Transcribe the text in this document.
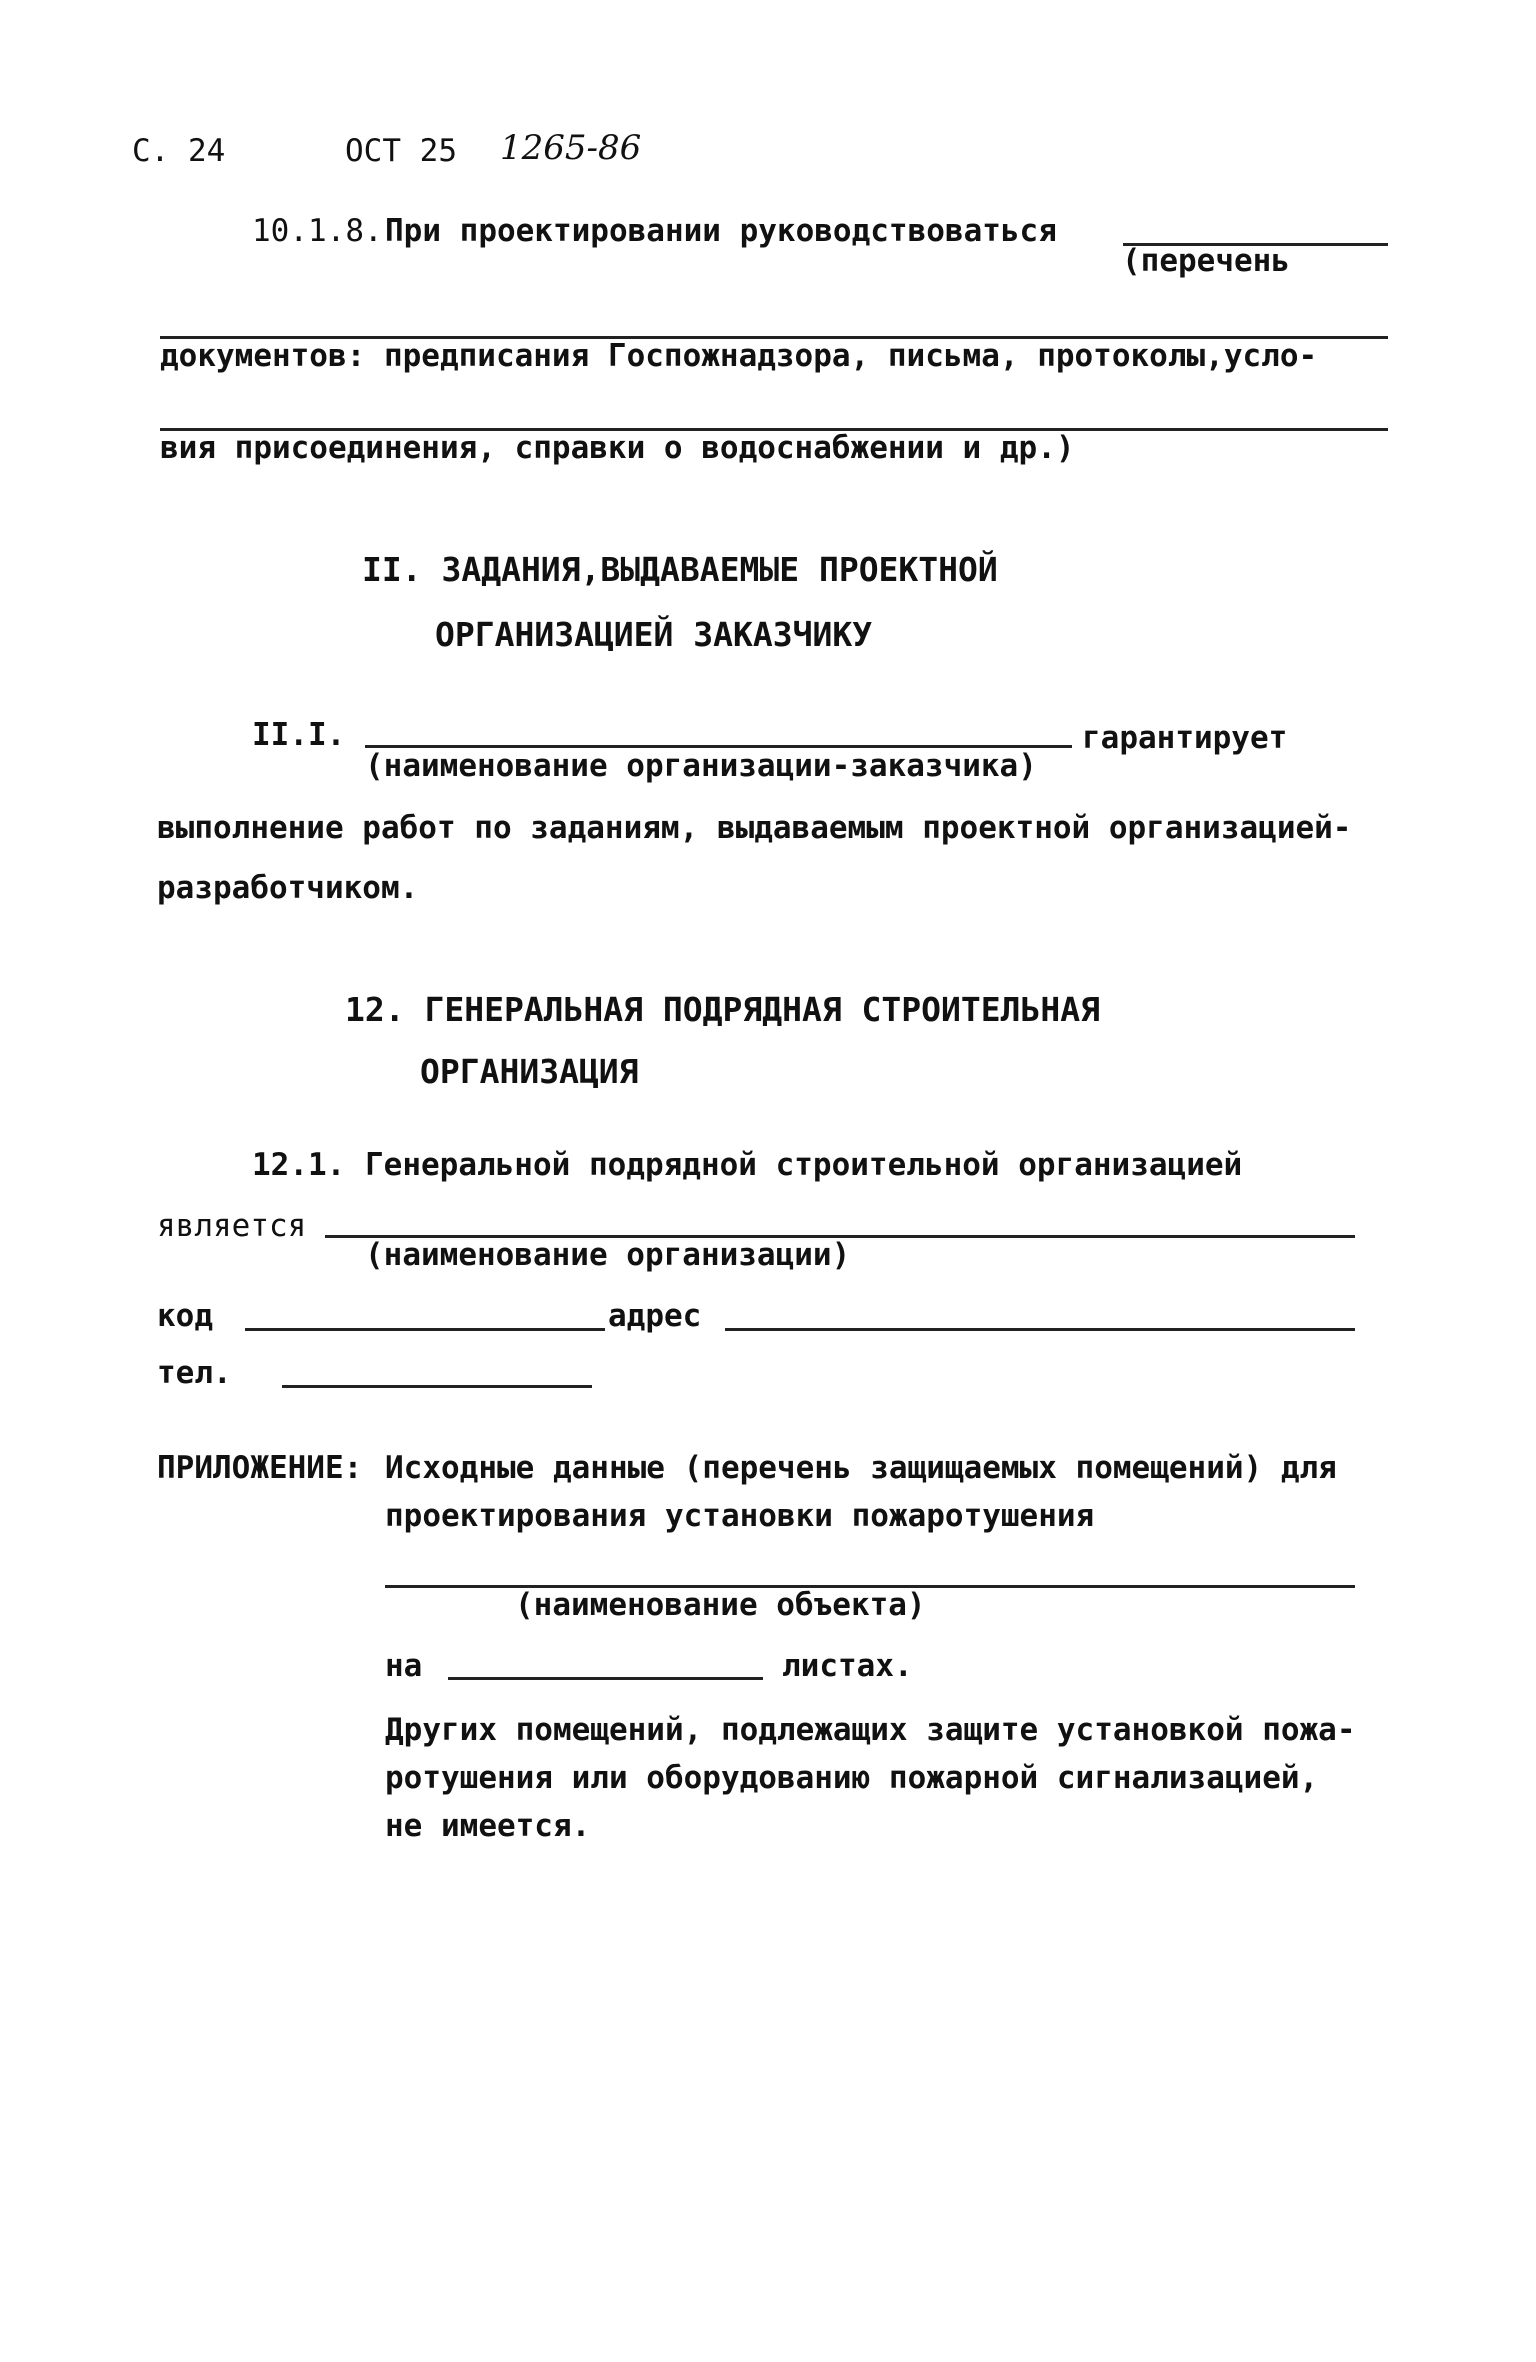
С. 24	ОСТ 25 1265-86
10.1.8. При проектировании руководствоваться
(перечень
документов: предписания Госпожнадзора, письма, протоколы,усло-
вия присоединения, справки о водоснабжении и др.)
II. ЗАДАНИЯ,ВЫДАВАЕМЫЕ ПРОЕКТНОЙ
ОРГАНИЗАЦИЕЙ ЗАКАЗЧИКУ
II.I.
(наименование организации-заказчика)
гарантирует
выполнение работ по заданиям, выдаваемым проектной организацией-
разработчиком.
12. ГЕНЕРАЛЬНАЯ ПОДРЯДНАЯ СТРОИТЕЛЬНАЯ
ОРГАНИЗАЦИЯ
12.1. Генеральной подрядной строительной организацией
является
(наименование организации)
код	адрес
тел.
ПРИЛОЖЕНИЕ: Исходные данные (перечень защищаемых помещений) для
проектирования установки пожаротушения
(наименование объекта)
на	листах.
Других помещений, подлежащих защите установкой пожа-
ротушения или оборудованию пожарной сигнализацией,
не имеется.
